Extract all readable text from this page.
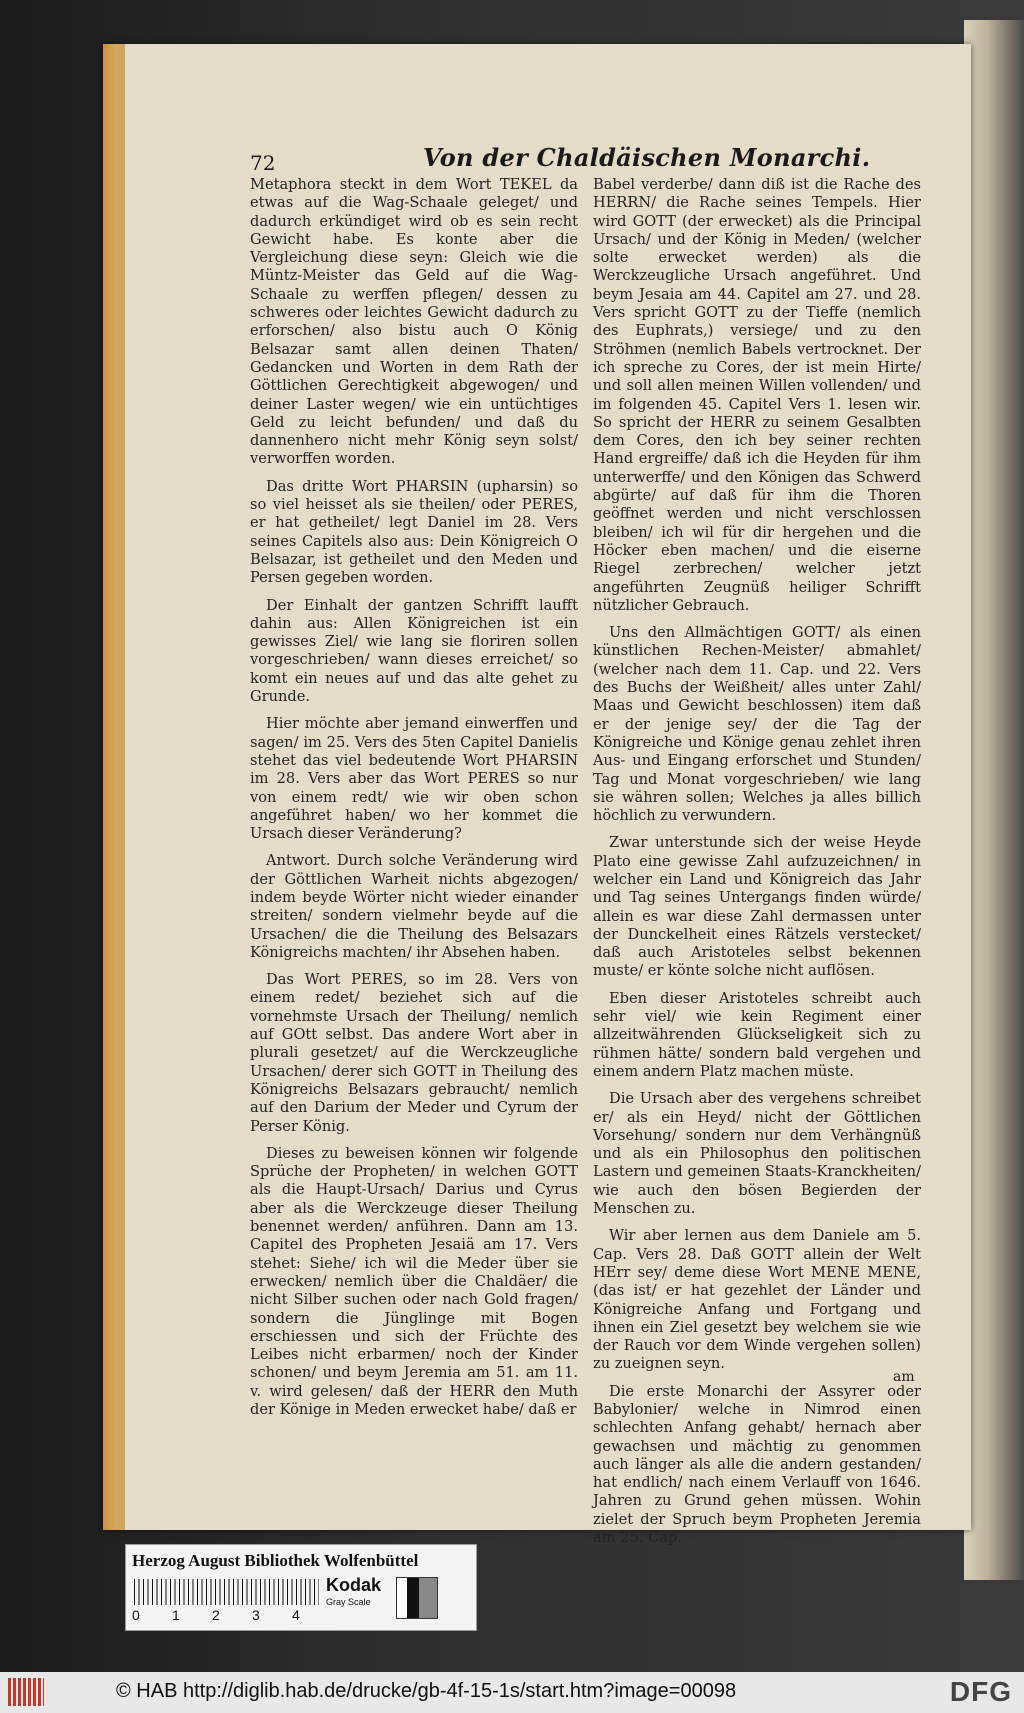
72	Von der Chaldäischen Monarchi.

Metaphora steckt in dem Wort TEKEL da etwas auf die Wag-Schaale geleget/ und dadurch erkündiget wird ob es sein recht Gewicht habe. Es konte aber die Vergleichung diese seyn: Gleich wie die Müntz-Meister das Geld auf die Wag-Schaale zu werffen pflegen/ dessen zu schweres oder leichtes Gewicht dadurch zu erforschen/ also bistu auch O König Belsazar samt allen deinen Thaten/ Gedancken und Worten in dem Rath der Göttlichen Gerechtigkeit abgewogen/ und deiner Laster wegen/ wie ein untüchtiges Geld zu leicht befunden/ und daß du dannenhero nicht mehr König seyn solst/ verworffen worden.

Das dritte Wort PHARSIN (upharsin) so so viel heisset als sie theilen/ oder PERES, er hat getheilet/ legt Daniel im 28. Vers seines Capitels also aus: Dein Königreich O Belsazar, ist getheilet und den Meden und Persen gegeben worden.

Der Einhalt der gantzen Schrifft laufft dahin aus: Allen Königreichen ist ein gewisses Ziel/ wie lang sie floriren sollen vorgeschrieben/ wann dieses erreichet/ so komt ein neues auf und das alte gehet zu Grunde.

Hier möchte aber jemand einwerffen und sagen/ im 25. Vers des 5ten Capitel Danielis stehet das viel bedeutende Wort PHARSIN im 28. Vers aber das Wort PERES so nur von einem redt/ wie wir oben schon angeführet haben/ wo her kommet die Ursach dieser Veränderung?

Antwort. Durch solche Veränderung wird der Göttlichen Warheit nichts abgezogen/ indem beyde Wörter nicht wieder einander streiten/ sondern vielmehr beyde auf die Ursachen/ die die Theilung des Belsazars Königreichs machten/ ihr Absehen haben.

Das Wort PERES, so im 28. Vers von einem redet/ beziehet sich auf die vornehmste Ursach der Theilung/ nemlich auf GOtt selbst. Das andere Wort aber in plurali gesetzet/ auf die Werckzeugliche Ursachen/ derer sich GOTT in Theilung des Königreichs Belsazars gebraucht/ nemlich auf den Darium der Meder und Cyrum der Perser König.

Dieses zu beweisen können wir folgende Sprüche der Propheten/ in welchen GOTT als die Haupt-Ursach/ Darius und Cyrus aber als die Werckzeuge dieser Theilung benennet werden/ anführen. Dann am 13. Capitel des Propheten Jesaiä am 17. Vers stehet: Siehe/ ich wil die Meder über sie erwecken/ nemlich über die Chaldäer/ die nicht Silber suchen oder nach Gold fragen/ sondern die Jünglinge mit Bogen erschiessen und sich der Früchte des Leibes nicht erbarmen/ noch der Kinder schonen/ und beym Jeremia am 51. am 11. v. wird gelesen/ daß der HERR den Muth der Könige in Meden erwecket habe/ daß er

Babel verderbe/ dann diß ist die Rache des HERRN/ die Rache seines Tempels. Hier wird GOTT (der erwecket) als die Principal Ursach/ und der König in Meden/ (welcher solte erwecket werden) als die Werckzeugliche Ursach angeführet. Und beym Jesaia am 44. Capitel am 27. und 28. Vers spricht GOTT zu der Tieffe (nemlich des Euphrats,) versiege/ und zu den Ströhmen (nemlich Babels vertrocknet. Der ich spreche zu Cores, der ist mein Hirte/ und soll allen meinen Willen vollenden/ und im folgenden 45. Capitel Vers 1. lesen wir. So spricht der HERR zu seinem Gesalbten dem Cores, den ich bey seiner rechten Hand ergreiffe/ daß ich die Heyden für ihm unterwerffe/ und den Königen das Schwerd abgürte/ auf daß für ihm die Thoren geöffnet werden und nicht verschlossen bleiben/ ich wil für dir hergehen und die Höcker eben machen/ und die eiserne Riegel zerbrechen/ welcher jetzt angeführten Zeugnüß heiliger Schrifft nützlicher Gebrauch.

Uns den Allmächtigen GOTT/ als einen künstlichen Rechen-Meister/ abmahlet/ (welcher nach dem 11. Cap. und 22. Vers des Buchs der Weißheit/ alles unter Zahl/ Maas und Gewicht beschlossen) item daß er der jenige sey/ der die Tag der Königreiche und Könige genau zehlet ihren Aus- und Eingang erforschet und Stunden/ Tag und Monat vorgeschrieben/ wie lang sie währen sollen; Welches ja alles billich höchlich zu verwundern.

Zwar unterstunde sich der weise Heyde Plato eine gewisse Zahl aufzuzeichnen/ in welcher ein Land und Königreich das Jahr und Tag seines Untergangs finden würde/ allein es war diese Zahl dermassen unter der Dunckelheit eines Rätzels verstecket/ daß auch Aristoteles selbst bekennen muste/ er könte solche nicht auflösen.

Eben dieser Aristoteles schreibt auch sehr viel/ wie kein Regiment einer allzeitwährenden Glückseligkeit sich zu rühmen hätte/ sondern bald vergehen und einem andern Platz machen müste.

Die Ursach aber des vergehens schreibet er/ als ein Heyd/ nicht der Göttlichen Vorsehung/ sondern nur dem Verhängnüß und als ein Philosophus den politischen Lastern und gemeinen Staats-Kranckheiten/ wie auch den bösen Begierden der Menschen zu.

Wir aber lernen aus dem Daniele am 5. Cap. Vers 28. Daß GOTT allein der Welt HErr sey/ deme diese Wort MENE MENE, (das ist/ er hat gezehlet der Länder und Königreiche Anfang und Fortgang und ihnen ein Ziel gesetzt bey welchem sie wie der Rauch vor dem Winde vergehen sollen) zu zueignen seyn.

Die erste Monarchi der Assyrer oder Babylonier/ welche in Nimrod einen schlechten Anfang gehabt/ hernach aber gewachsen und mächtig zu genommen auch länger als alle die andern gestanden/ hat endlich/ nach einem Verlauff von 1646. Jahren zu Grund gehen müssen. Wohin zielet der Spruch beym Propheten Jeremia am 25. Cap.

am
Herzog August Bibliothek Wolfenbüttel
0 1 2 3 4
Kodak
Gray Scale
© HAB http://diglib.hab.de/drucke/gb-4f-15-1s/start.htm?image=00098	DFG
